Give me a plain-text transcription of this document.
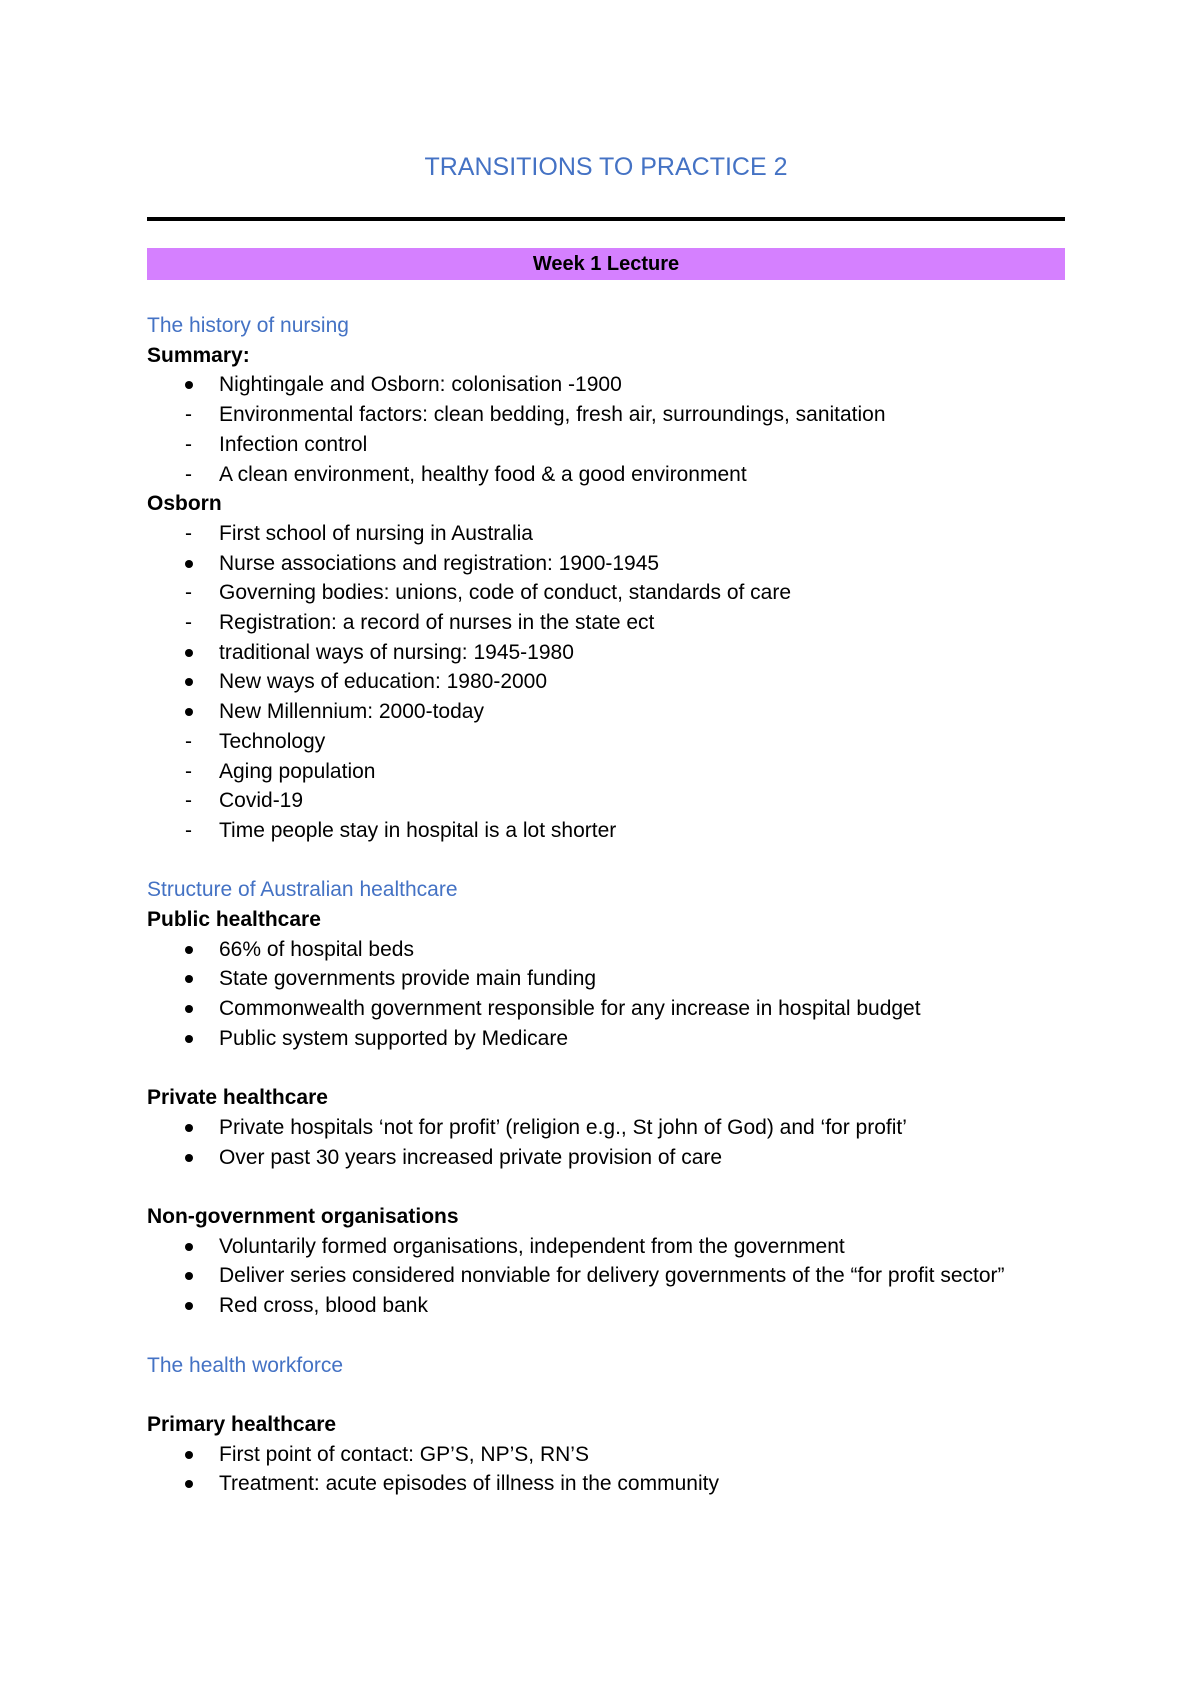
TRANSITIONS TO PRACTICE 2
Week 1 Lecture
The history of nursing
Summary:
Nightingale and Osborn: colonisation -1900
Environmental factors: clean bedding, fresh air, surroundings, sanitation
Infection control
A clean environment, healthy food & a good environment
Osborn
First school of nursing in Australia
Nurse associations and registration: 1900-1945
Governing bodies: unions, code of conduct, standards of care
Registration: a record of nurses in the state ect
traditional ways of nursing: 1945-1980
New ways of education: 1980-2000
New Millennium: 2000-today
Technology
Aging population
Covid-19
Time people stay in hospital is a lot shorter
Structure of Australian healthcare
Public healthcare
66% of hospital beds
State governments provide main funding
Commonwealth government responsible for any increase in hospital budget
Public system supported by Medicare
Private healthcare
Private hospitals ‘not for profit’ (religion e.g., St john of God) and ‘for profit’
Over past 30 years increased private provision of care
Non-government organisations
Voluntarily formed organisations, independent from the government
Deliver series considered nonviable for delivery governments of the “for profit sector”
Red cross, blood bank
The health workforce
Primary healthcare
First point of contact: GP’S, NP’S, RN’S
Treatment: acute episodes of illness in the community
